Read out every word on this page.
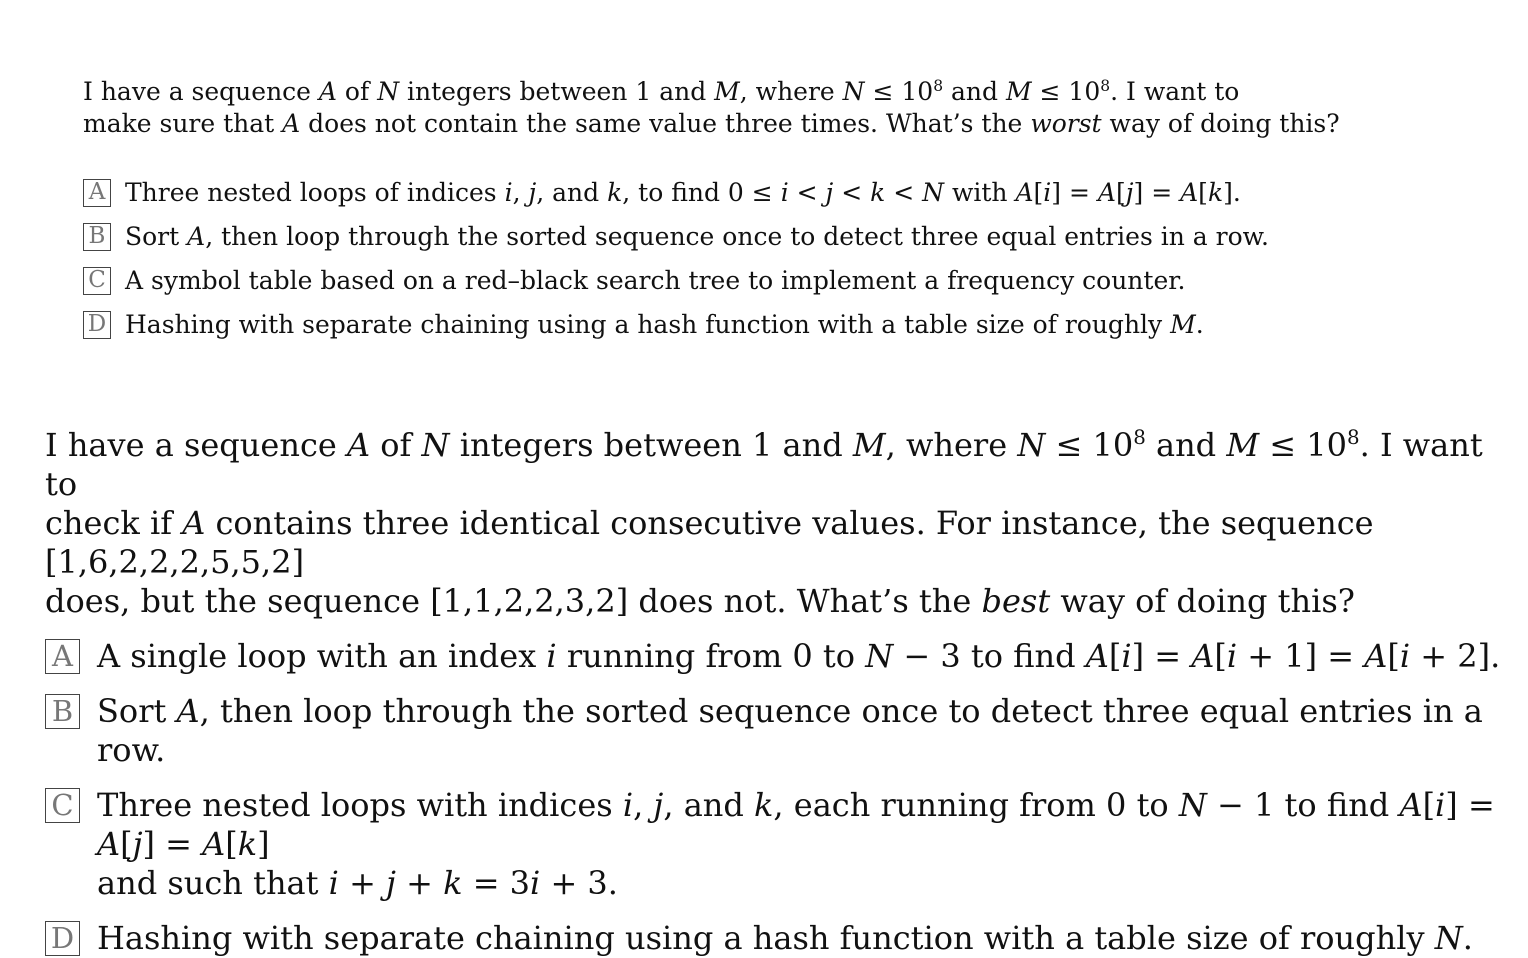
I have a sequence A of N integers between 1 and M, where $N \le 10^8$ and $M \le 10^8$. I want to
make sure that A does not contain the same value three times. What’s the worst way of doing this?

A Three nested loops of indices i, j, and k, to find 0 ≤ i < j < k < N with A[i] = A[j] = A[k].
B Sort A, then loop through the sorted sequence once to detect three equal entries in a row.
C A symbol table based on a red–black search tree to implement a frequency counter.
D Hashing with separate chaining using a hash function with a table size of roughly M.

I have a sequence A of N integers between 1 and M, where $N \le 10^8$ and $M \le 10^8$. I want to
check if A contains three identical consecutive values. For instance, the sequence [1,6,2,2,2,5,5,2]
does, but the sequence [1,1,2,2,3,2] does not. What’s the best way of doing this?

A A single loop with an index i running from 0 to N − 3 to find A[i] = A[i + 1] = A[i + 2].
B Sort A, then loop through the sorted sequence once to detect three equal entries in a row.
C Three nested loops with indices i, j, and k, each running from 0 to N − 1 to find A[i] = A[j] = A[k]
and such that i + j + k = 3i + 3.
D Hashing with separate chaining using a hash function with a table size of roughly N.
